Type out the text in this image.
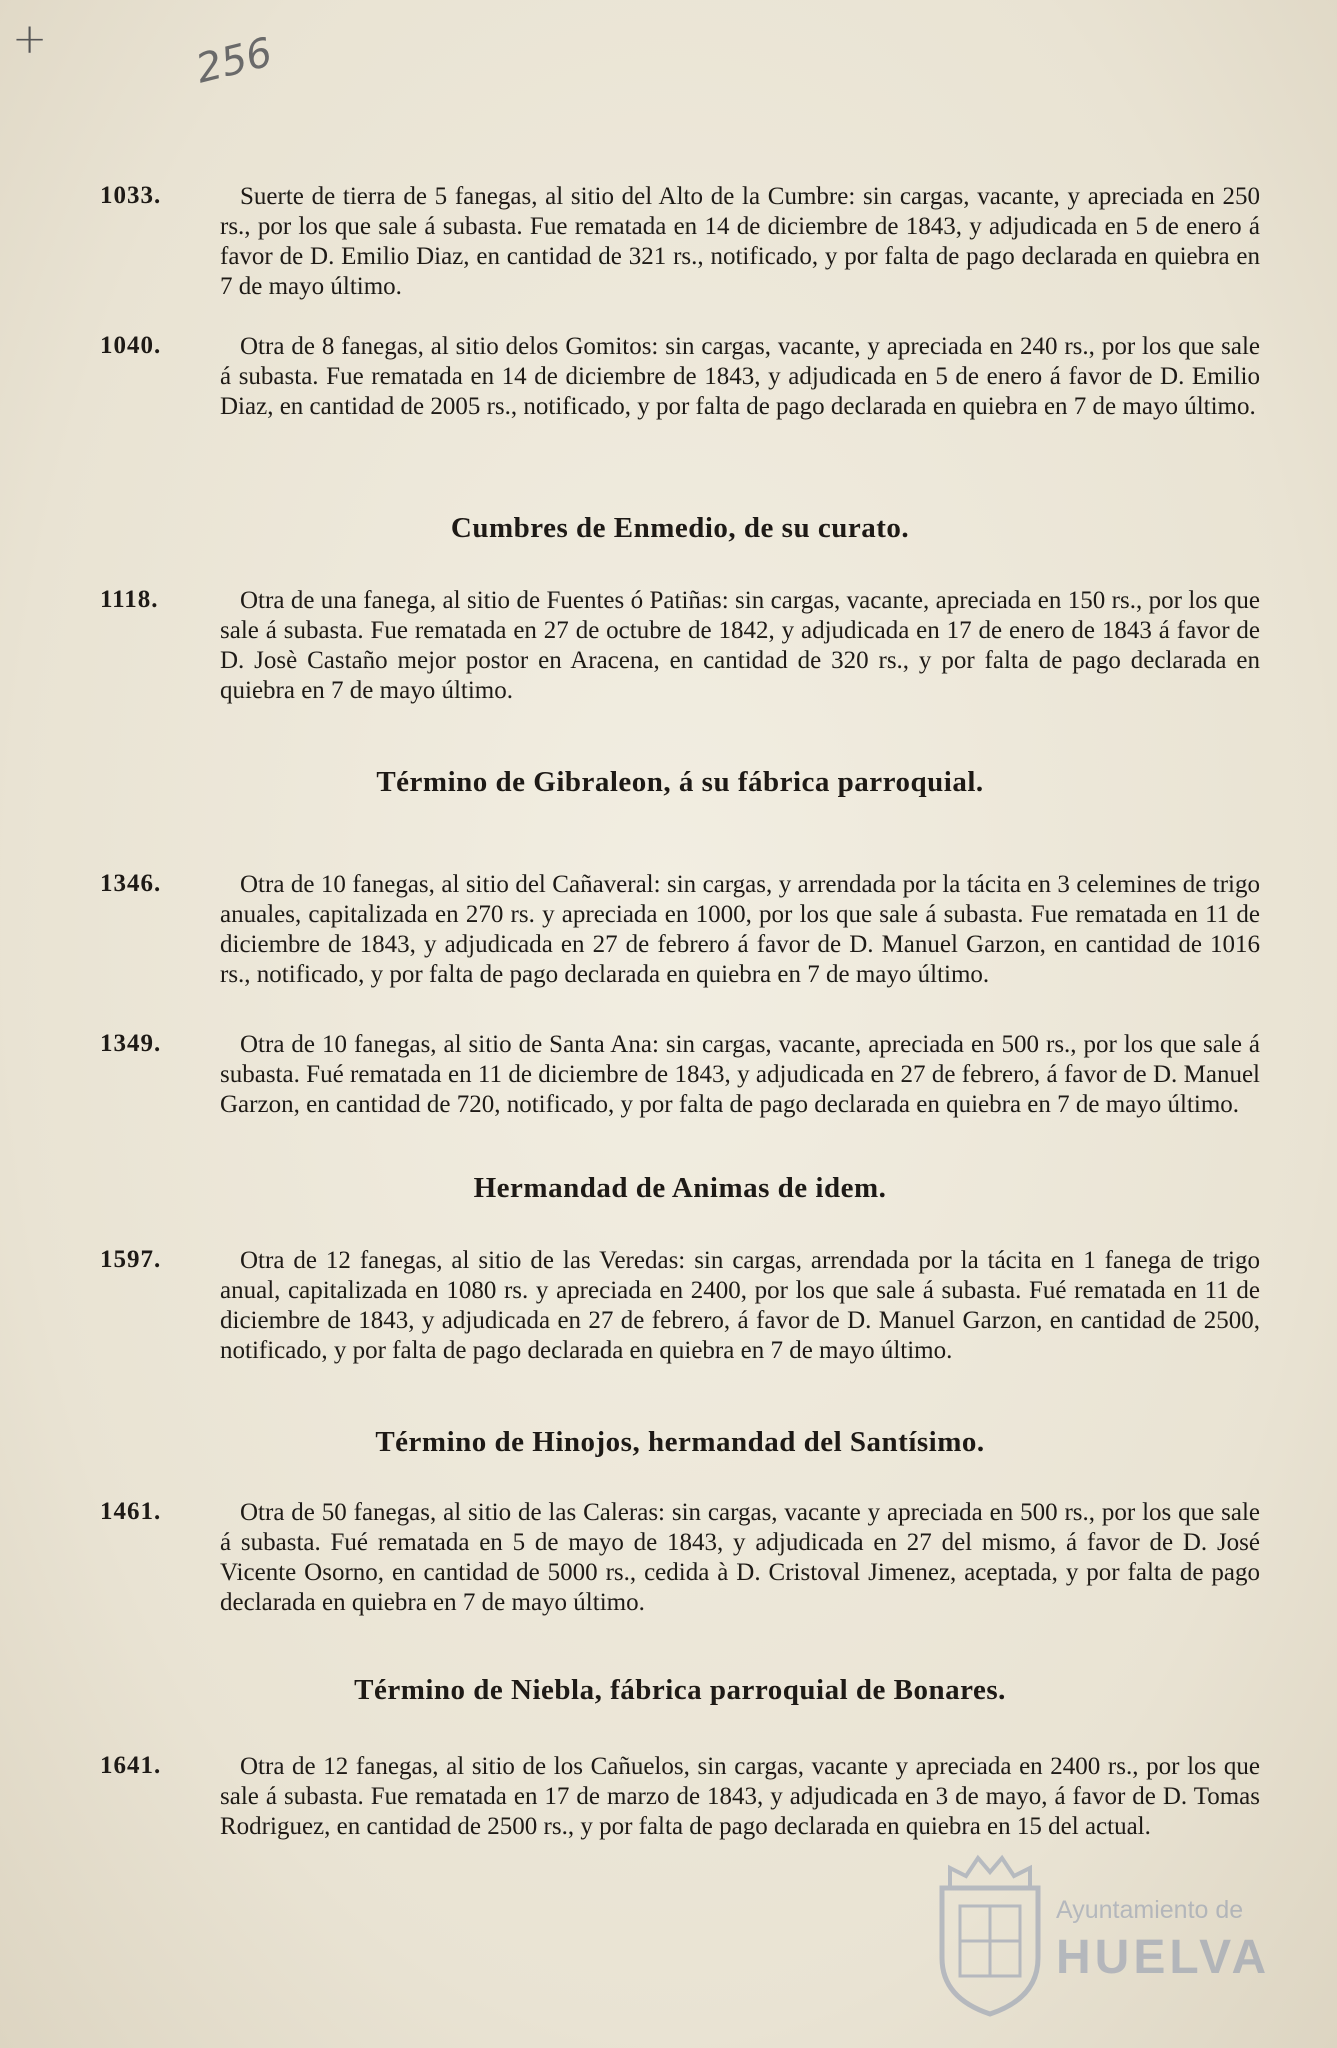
+	256
1033.	Suerte de tierra de 5 fanegas, al sitio del Alto de la Cumbre: sin cargas, vacante, y apreciada en 250 rs., por los que sale á subasta. Fue rematada en 14 de diciembre de 1843, y adjudicada en 5 de enero á favor de D. Emilio Diaz, en cantidad de 321 rs., notificado, y por falta de pago declarada en quiebra en 7 de mayo último.
1040.	Otra de 8 fanegas, al sitio delos Gomitos: sin cargas, vacante, y apreciada en 240 rs., por los que sale á subasta. Fue rematada en 14 de diciembre de 1843, y adjudicada en 5 de enero á favor de D. Emilio Diaz, en cantidad de 2005 rs., notificado, y por falta de pago declarada en quiebra en 7 de mayo último.
Cumbres de Enmedio, de su curato.
1118.	Otra de una fanega, al sitio de Fuentes ó Patiñas: sin cargas, vacante, apreciada en 150 rs., por los que sale á subasta. Fue rematada en 27 de octubre de 1842, y adjudicada en 17 de enero de 1843 á favor de D. Josè Castaño mejor postor en Aracena, en cantidad de 320 rs., y por falta de pago declarada en quiebra en 7 de mayo último.
Término de Gibraleon, á su fábrica parroquial.
1346.	Otra de 10 fanegas, al sitio del Cañaveral: sin cargas, y arrendada por la tácita en 3 celemines de trigo anuales, capitalizada en 270 rs. y apreciada en 1000, por los que sale á subasta. Fue rematada en 11 de diciembre de 1843, y adjudicada en 27 de febrero á favor de D. Manuel Garzon, en cantidad de 1016 rs., notificado, y por falta de pago declarada en quiebra en 7 de mayo último.
1349.	Otra de 10 fanegas, al sitio de Santa Ana: sin cargas, vacante, apreciada en 500 rs., por los que sale á subasta. Fué rematada en 11 de diciembre de 1843, y adjudicada en 27 de febrero, á favor de D. Manuel Garzon, en cantidad de 720, notificado, y por falta de pago declarada en quiebra en 7 de mayo último.
Hermandad de Animas de idem.
1597.	Otra de 12 fanegas, al sitio de las Veredas: sin cargas, arrendada por la tácita en 1 fanega de trigo anual, capitalizada en 1080 rs. y apreciada en 2400, por los que sale á subasta. Fué rematada en 11 de diciembre de 1843, y adjudicada en 27 de febrero, á favor de D. Manuel Garzon, en cantidad de 2500, notificado, y por falta de pago declarada en quiebra en 7 de mayo último.
Término de Hinojos, hermandad del Santísimo.
1461.	Otra de 50 fanegas, al sitio de las Caleras: sin cargas, vacante y apreciada en 500 rs., por los que sale á subasta. Fué rematada en 5 de mayo de 1843, y adjudicada en 27 del mismo, á favor de D. José Vicente Osorno, en cantidad de 5000 rs., cedida à D. Cristoval Jimenez, aceptada, y por falta de pago declarada en quiebra en 7 de mayo último.
Término de Niebla, fábrica parroquial de Bonares.
1641.	Otra de 12 fanegas, al sitio de los Cañuelos, sin cargas, vacante y apreciada en 2400 rs., por los que sale á subasta. Fue rematada en 17 de marzo de 1843, y adjudicada en 3 de mayo, á favor de D. Tomas Rodriguez, en cantidad de 2500 rs., y por falta de pago declarada en quiebra en 15 del actual.
Ayuntamiento de
HUELVA
